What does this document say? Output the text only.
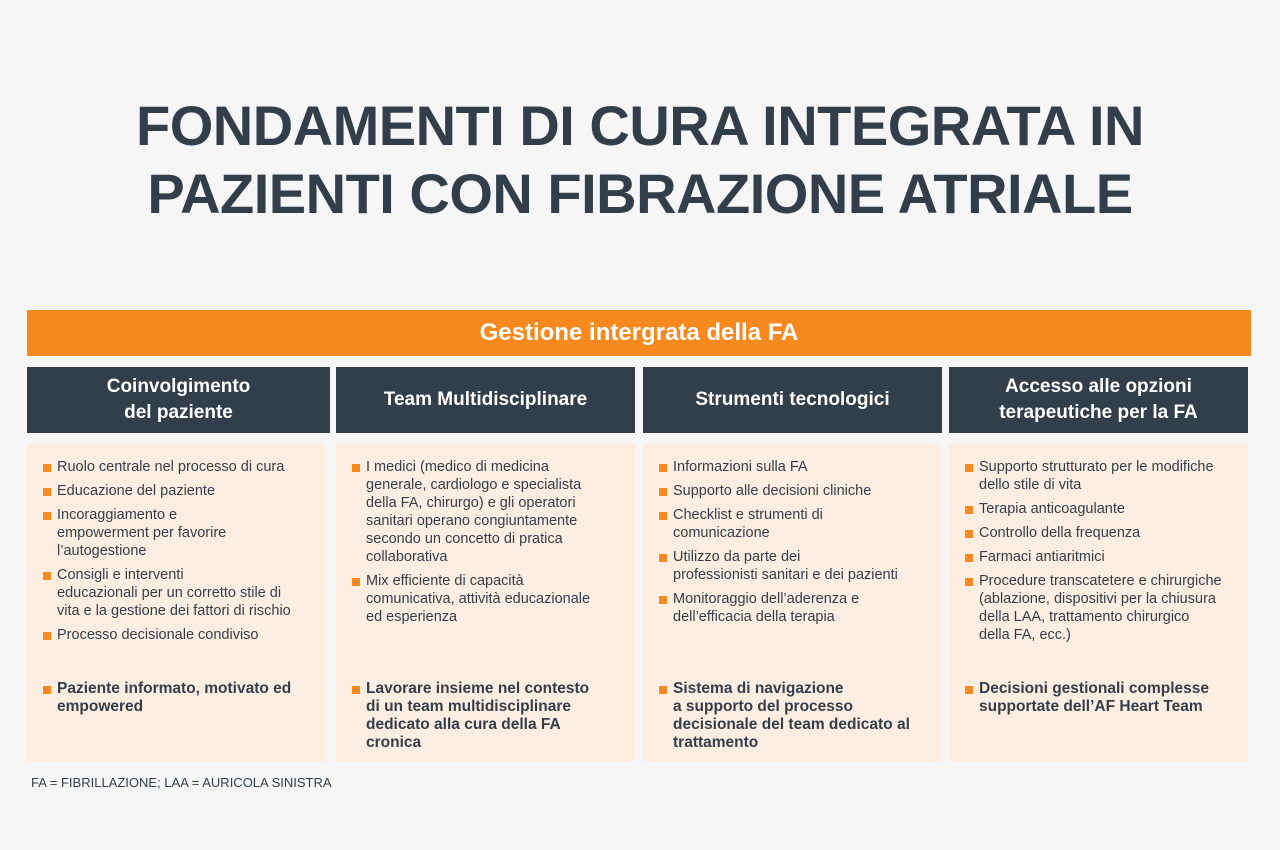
FONDAMENTI DI CURA INTEGRATA IN
PAZIENTI CON FIBRAZIONE ATRIALE
Gestione intergrata della FA
Coinvolgimento
del paziente
Ruolo centrale nel processo di cura
Educazione del paziente
Incoraggiamento e
empowerment per favorire
l’autogestione
Consigli e interventi
educazionali per un corretto stile di
vita e la gestione dei fattori di rischio
Processo decisionale condiviso
Paziente informato, motivato ed
empowered
Team Multidisciplinare
I medici (medico di medicina
generale, cardiologo e specialista
della FA, chirurgo) e gli operatori
sanitari operano congiuntamente
secondo un concetto di pratica
collaborativa
Mix efficiente di capacità
comunicativa, attività educazionale
ed esperienza
Lavorare insieme nel contesto
di un team multidisciplinare
dedicato alla cura della FA
cronica
Strumenti tecnologici
Informazioni sulla FA
Supporto alle decisioni cliniche
Checklist e strumenti di
comunicazione
Utilizzo da parte dei
professionisti sanitari e dei pazienti
Monitoraggio dell’aderenza e
dell’efficacia della terapia
Sistema di navigazione
a supporto del processo
decisionale del team dedicato al
trattamento
Accesso alle opzioni
terapeutiche per la FA
Supporto strutturato per le modifiche
dello stile di vita
Terapia anticoagulante
Controllo della frequenza
Farmaci antiaritmici
Procedure transcatetere e chirurgiche
(ablazione, dispositivi per la chiusura
della LAA, trattamento chirurgico
della FA, ecc.)
Decisioni gestionali complesse
supportate dell’AF Heart Team
FA = FIBRILLAZIONE; LAA = AURICOLA SINISTRA
